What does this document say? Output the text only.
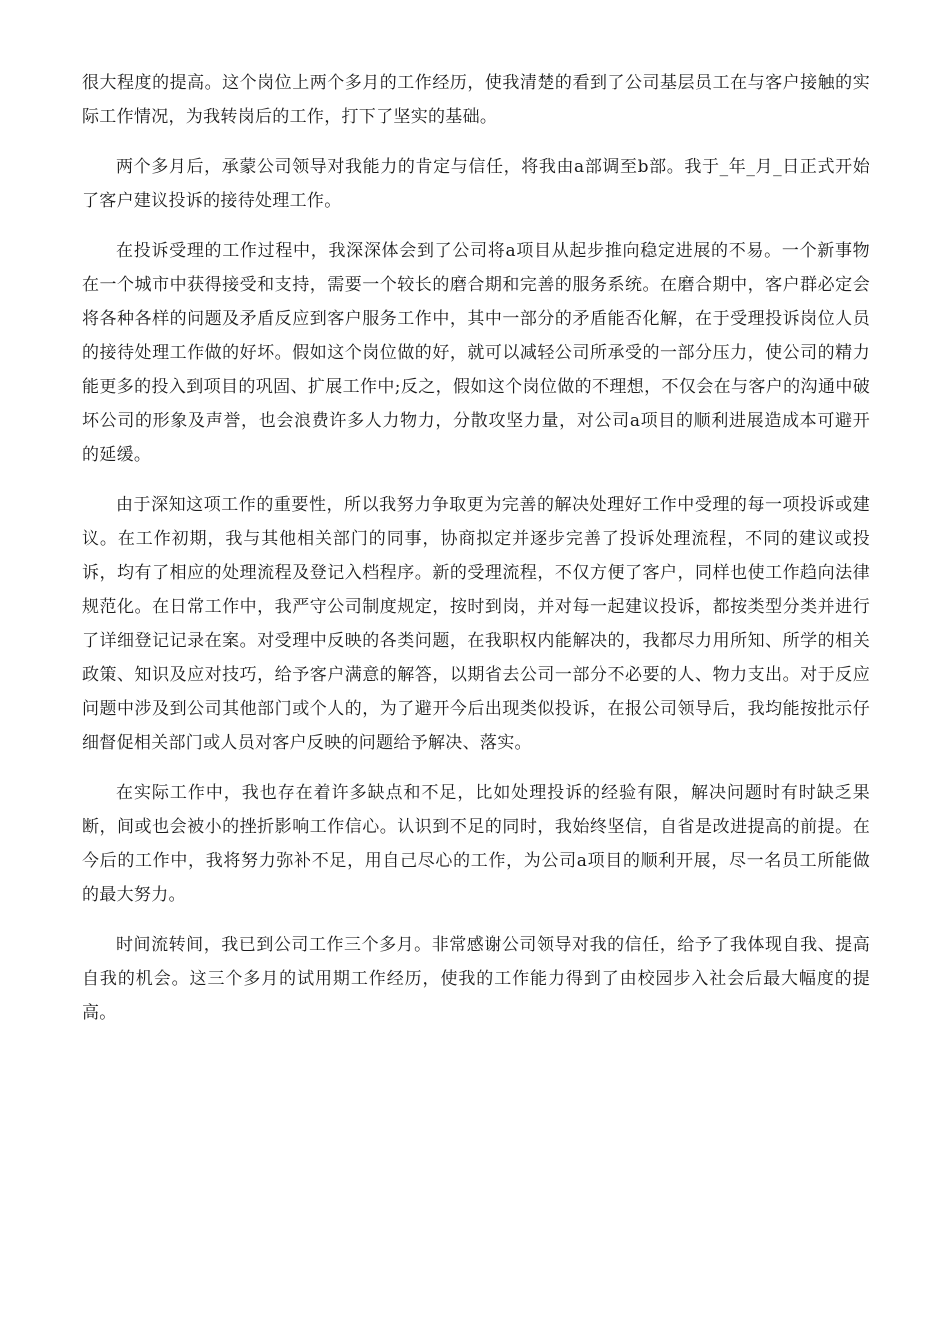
很大程度的提高。这个岗位上两个多月的工作经历，使我清楚的看到了公司基层员工在与客户接触的实际工作情况，为我转岗后的工作，打下了坚实的基础。

两个多月后，承蒙公司领导对我能力的肯定与信任，将我由a部调至b部。我于_年_月_日正式开始了客户建议投诉的接待处理工作。

在投诉受理的工作过程中，我深深体会到了公司将a项目从起步推向稳定进展的不易。一个新事物在一个城市中获得接受和支持，需要一个较长的磨合期和完善的服务系统。在磨合期中，客户群必定会将各种各样的问题及矛盾反应到客户服务工作中，其中一部分的矛盾能否化解，在于受理投诉岗位人员的接待处理工作做的好坏。假如这个岗位做的好，就可以减轻公司所承受的一部分压力，使公司的精力能更多的投入到项目的巩固、扩展工作中;反之，假如这个岗位做的不理想，不仅会在与客户的沟通中破坏公司的形象及声誉，也会浪费许多人力物力，分散攻坚力量，对公司a项目的顺利进展造成本可避开的延缓。

由于深知这项工作的重要性，所以我努力争取更为完善的解决处理好工作中受理的每一项投诉或建议。在工作初期，我与其他相关部门的同事，协商拟定并逐步完善了投诉处理流程，不同的建议或投诉，均有了相应的处理流程及登记入档程序。新的受理流程，不仅方便了客户，同样也使工作趋向法律规范化。在日常工作中，我严守公司制度规定，按时到岗，并对每一起建议投诉，都按类型分类并进行了详细登记记录在案。对受理中反映的各类问题，在我职权内能解决的，我都尽力用所知、所学的相关政策、知识及应对技巧，给予客户满意的解答，以期省去公司一部分不必要的人、物力支出。对于反应问题中涉及到公司其他部门或个人的，为了避开今后出现类似投诉，在报公司领导后，我均能按批示仔细督促相关部门或人员对客户反映的问题给予解决、落实。

在实际工作中，我也存在着许多缺点和不足，比如处理投诉的经验有限，解决问题时有时缺乏果断，间或也会被小的挫折影响工作信心。认识到不足的同时，我始终坚信，自省是改进提高的前提。在今后的工作中，我将努力弥补不足，用自己尽心的工作，为公司a项目的顺利开展，尽一名员工所能做的最大努力。

时间流转间，我已到公司工作三个多月。非常感谢公司领导对我的信任，给予了我体现自我、提高自我的机会。这三个多月的试用期工作经历，使我的工作能力得到了由校园步入社会后最大幅度的提高。
